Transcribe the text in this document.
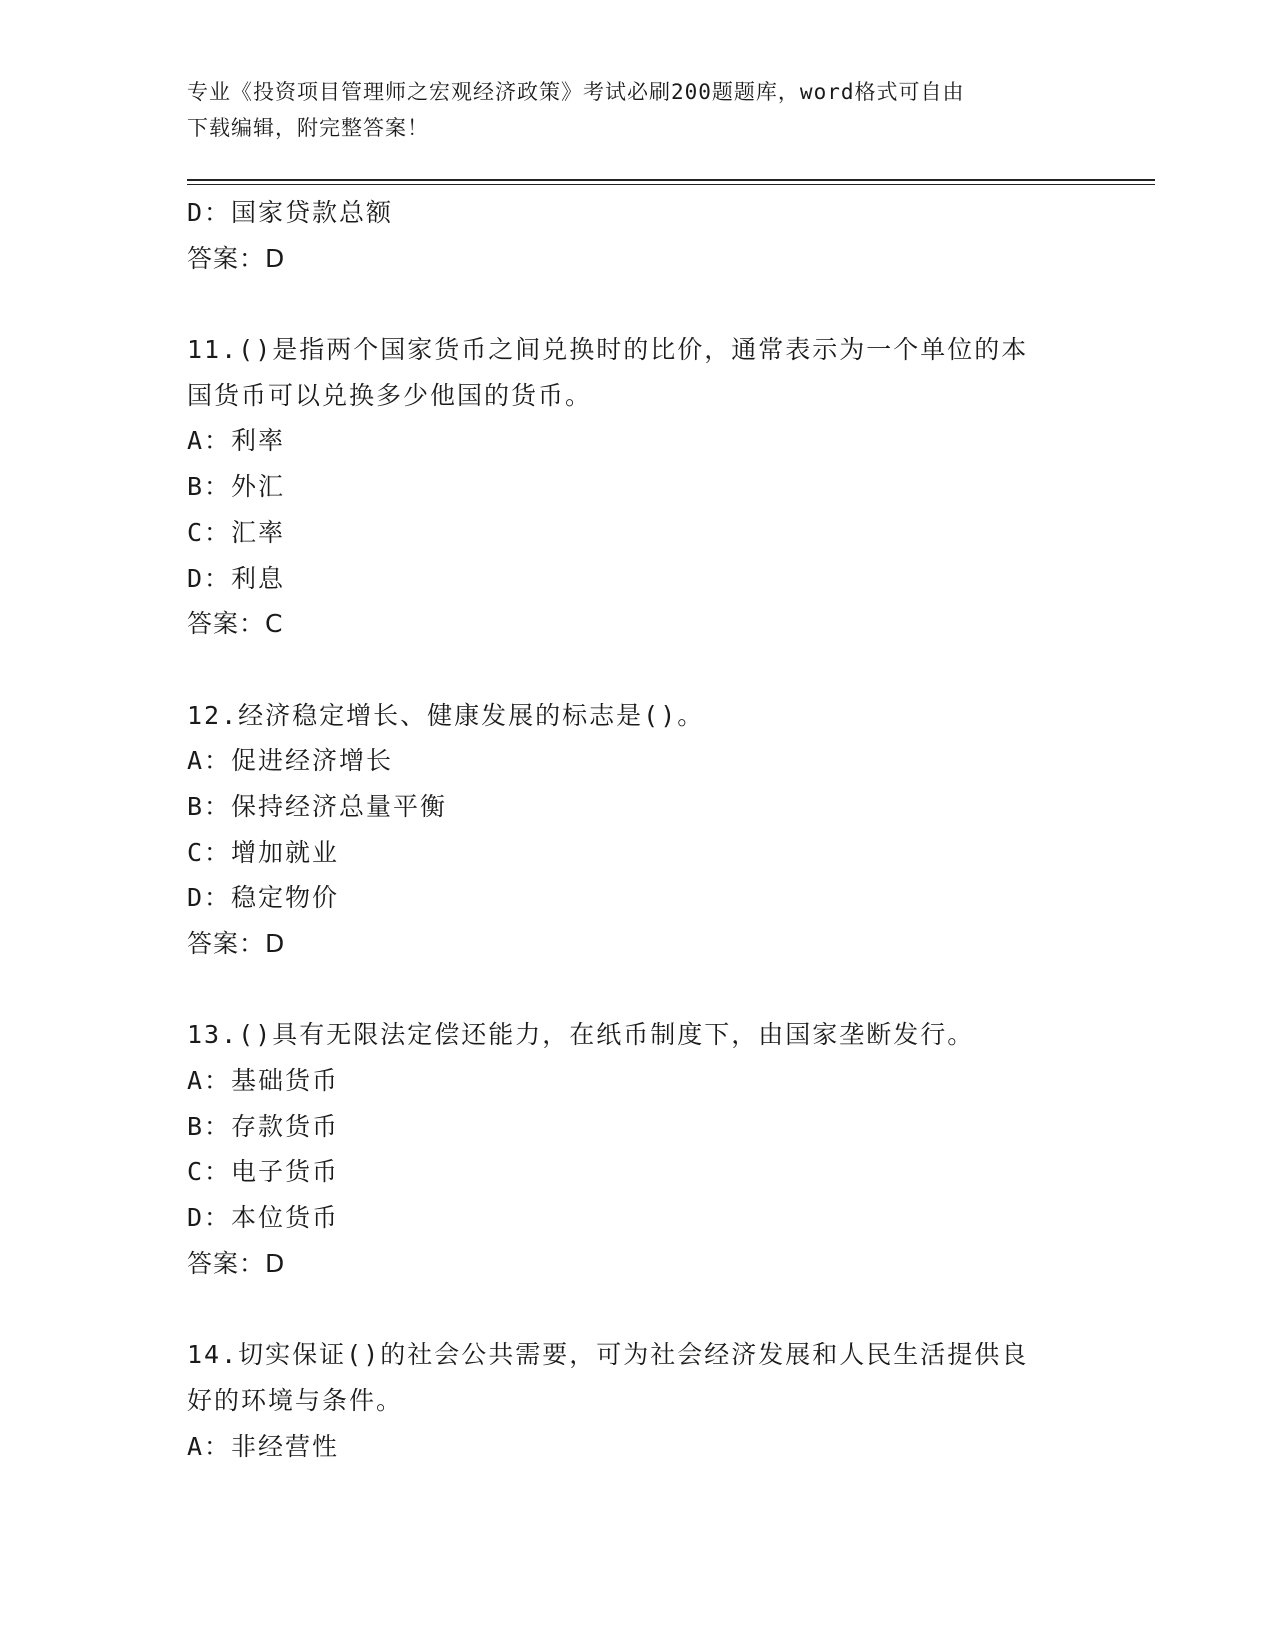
专业《投资项目管理师之宏观经济政策》考试必刷200题题库，word格式可自由
下载编辑，附完整答案！
D：国家贷款总额
答案：D
11.()是指两个国家货币之间兑换时的比价，通常表示为一个单位的本
国货币可以兑换多少他国的货币。
A：利率
B：外汇
C：汇率
D：利息
答案：C
12.经济稳定增长、健康发展的标志是()。
A：促进经济增长
B：保持经济总量平衡
C：增加就业
D：稳定物价
答案：D
13.()具有无限法定偿还能力，在纸币制度下，由国家垄断发行。
A：基础货币
B：存款货币
C：电子货币
D：本位货币
答案：D
14.切实保证()的社会公共需要，可为社会经济发展和人民生活提供良
好的环境与条件。
A：非经营性
